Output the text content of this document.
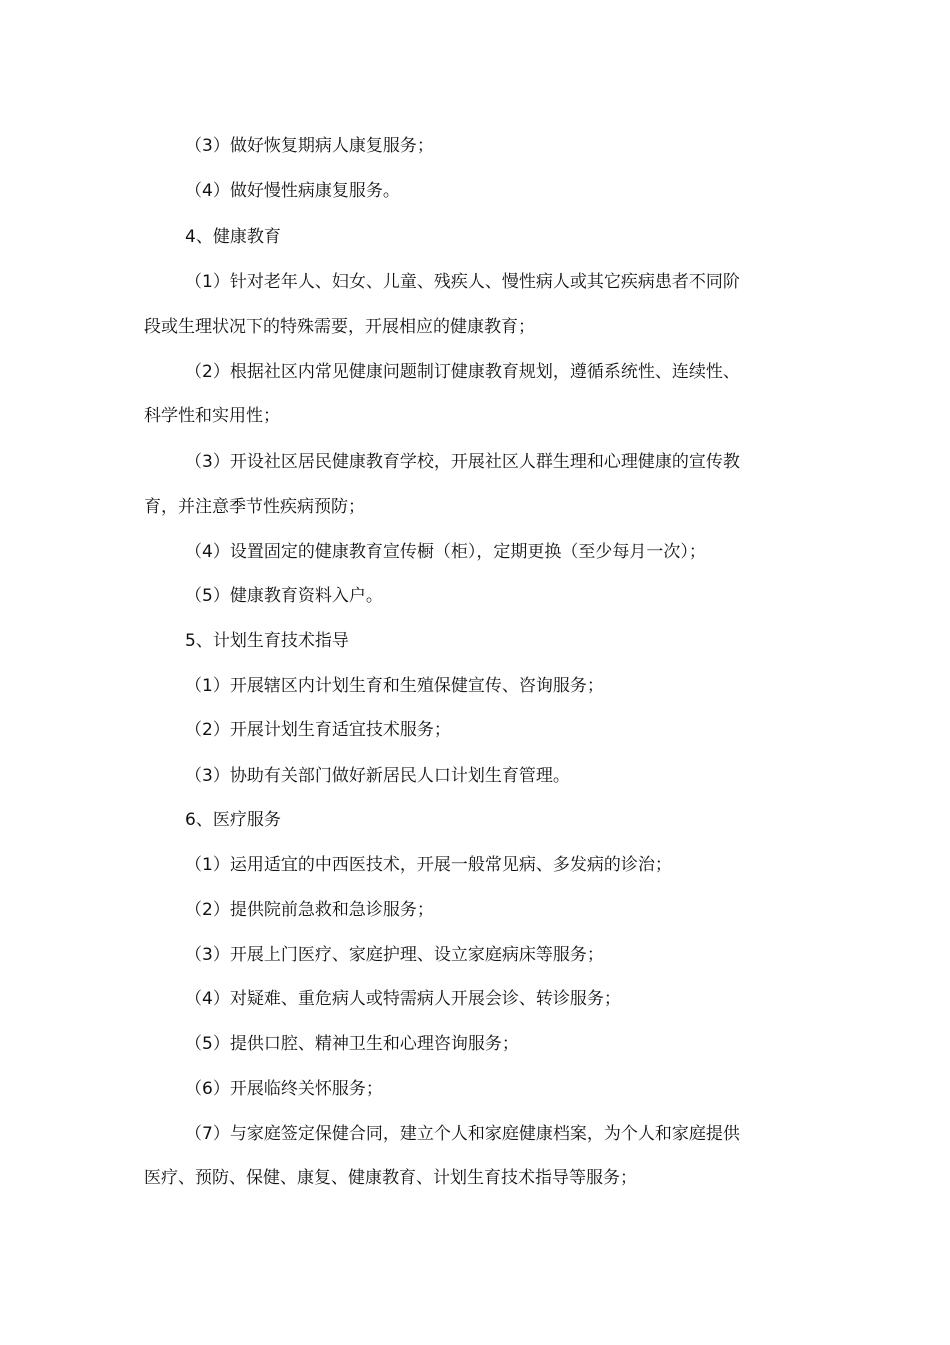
（3）做好恢复期病人康复服务；
（4）做好慢性病康复服务。
4、健康教育
（1）针对老年人、妇女、儿童、残疾人、慢性病人或其它疾病患者不同阶
段或生理状况下的特殊需要，开展相应的健康教育；
（2）根据社区内常见健康问题制订健康教育规划，遵循系统性、连续性、
科学性和实用性；
（3）开设社区居民健康教育学校，开展社区人群生理和心理健康的宣传教
育，并注意季节性疾病预防；
（4）设置固定的健康教育宣传橱（柜），定期更换（至少每月一次）；
（5）健康教育资料入户。
5、计划生育技术指导
（1）开展辖区内计划生育和生殖保健宣传、咨询服务；
（2）开展计划生育适宜技术服务；
（3）协助有关部门做好新居民人口计划生育管理。
6、医疗服务
（1）运用适宜的中西医技术，开展一般常见病、多发病的诊治；
（2）提供院前急救和急诊服务；
（3）开展上门医疗、家庭护理、设立家庭病床等服务；
（4）对疑难、重危病人或特需病人开展会诊、转诊服务；
（5）提供口腔、精神卫生和心理咨询服务；
（6）开展临终关怀服务；
（7）与家庭签定保健合同，建立个人和家庭健康档案，为个人和家庭提供
医疗、预防、保健、康复、健康教育、计划生育技术指导等服务；
